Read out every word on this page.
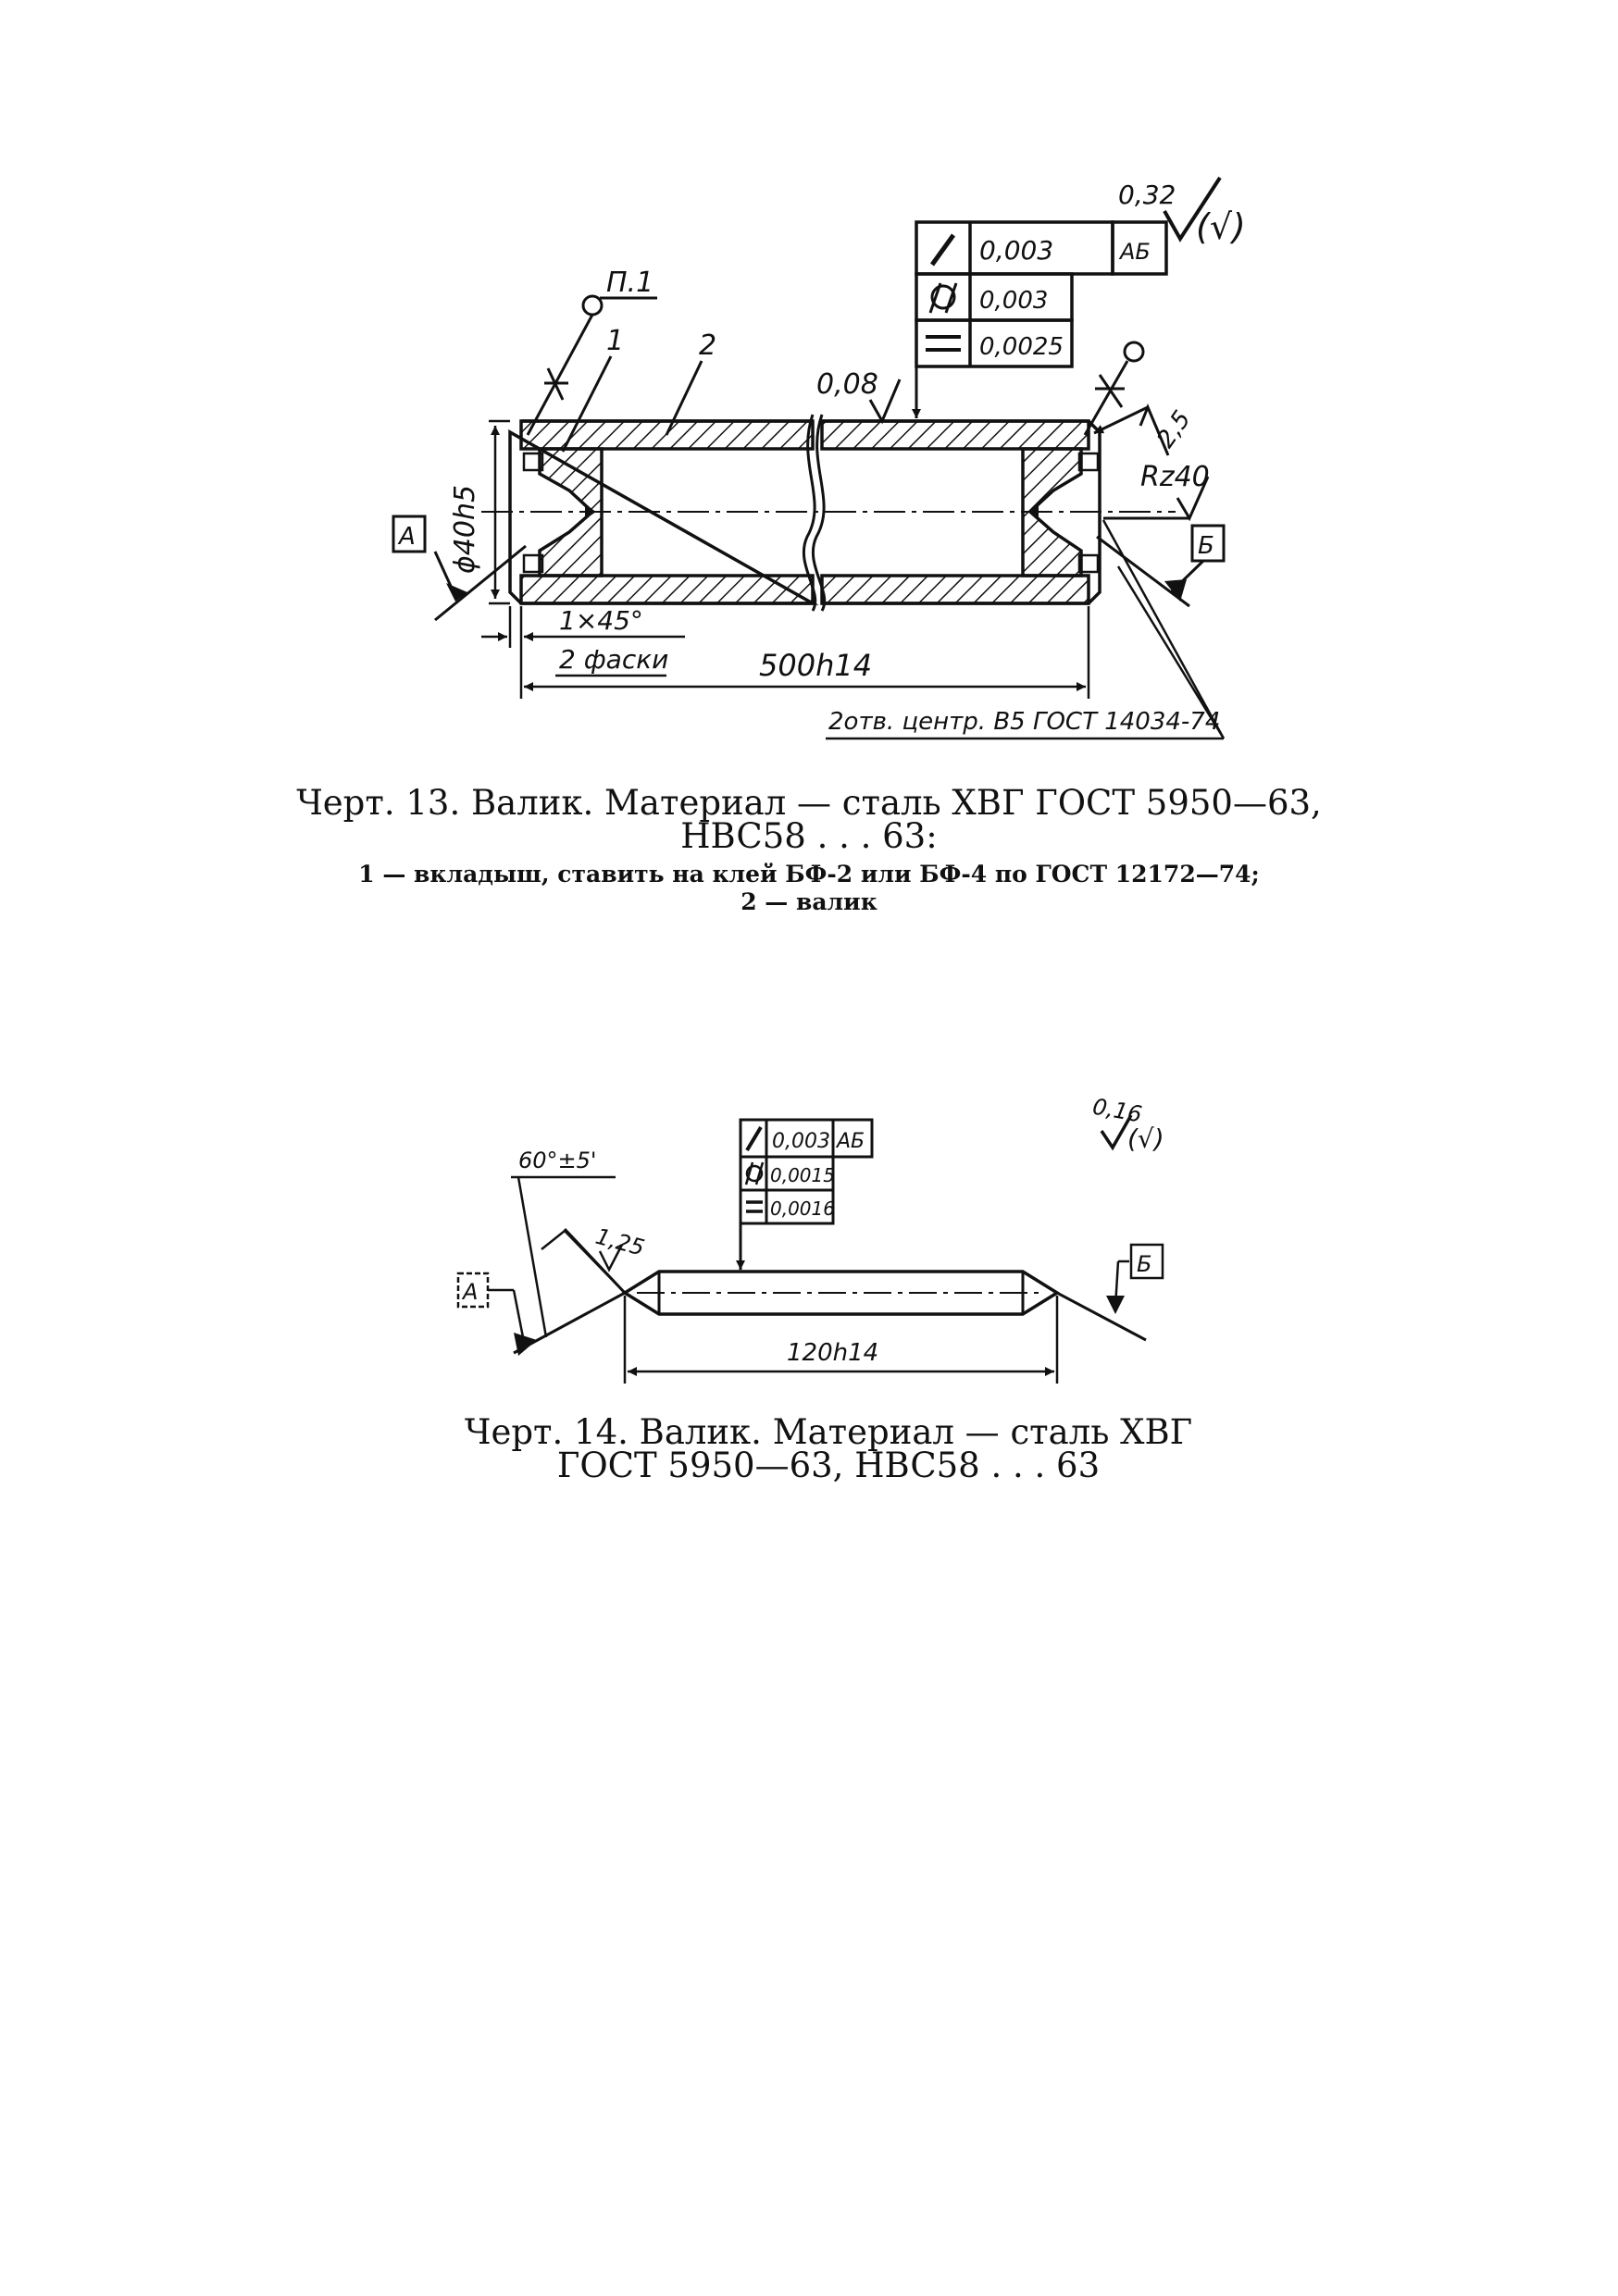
0,32
(√)
0,003	АБ
0,003
0,0025
П.1
1	2
0,08
2,5
Rz40
А	Б
ϕ40h5
1×45°
2 фаски	500h14
2отв. центр. В5 ГОСТ 14034-74
Черт. 13. Валик. Материал — сталь ХВГ ГОСТ 5950—63,
HBC58 . . . 63:
1 — вкладыш, ставить на клей БФ-2 или БФ-4 по ГОСТ 12172—74;
2 — валик
0,16
(√)
0,003 АБ
0,0015
0,0016
60°±5'
1,25
А
Б
120h14
Черт. 14. Валик. Материал — сталь ХВГ
ГОСТ 5950—63, HBC58 . . . 63
